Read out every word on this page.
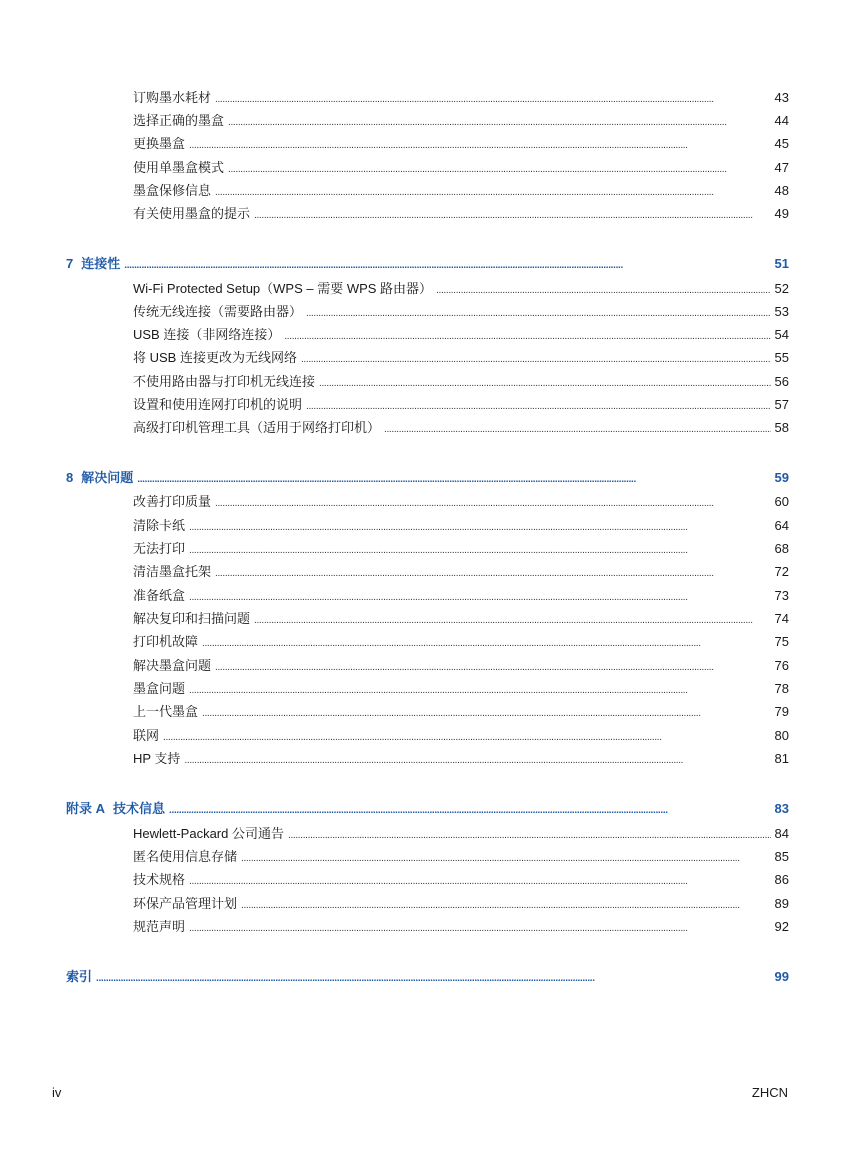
订购墨水耗材 . . .	43
选择正确的墨盒 . . .	44
更换墨盒 . . .	45
使用单墨盒模式 . . .	47
墨盒保修信息 . . .	48
有关使用墨盒的提示 . . .	49
7 连接性 . . .	51
Wi-Fi Protected Setup（WPS – 需要 WPS 路由器） . . .	52
传统无线连接（需要路由器） . . .	53
USB 连接（非网络连接） . . .	54
将 USB 连接更改为无线网络 . . .	55
不使用路由器与打印机无线连接 . . .	56
设置和使用连网打印机的说明 . . .	57
高级打印机管理工具（适用于网络打印机） . . .	58
8 解决问题 . . .	59
改善打印质量 . . .	60
清除卡纸 . . .	64
无法打印 . . .	68
清洁墨盒托架 . . .	72
准备纸盒 . . .	73
解决复印和扫描问题 . . .	74
打印机故障 . . .	75
解决墨盒问题 . . .	76
墨盒问题 . . .	78
上一代墨盒 . . .	79
联网 . . .	80
HP 支持 . . .	81
附录 A 技术信息 . . .	83
Hewlett-Packard 公司通告 . . .	84
匿名使用信息存储 . . .	85
技术规格 . . .	86
环保产品管理计划 . . .	89
规范声明 . . .	92
索引 . . .	99
iv	ZHCN
